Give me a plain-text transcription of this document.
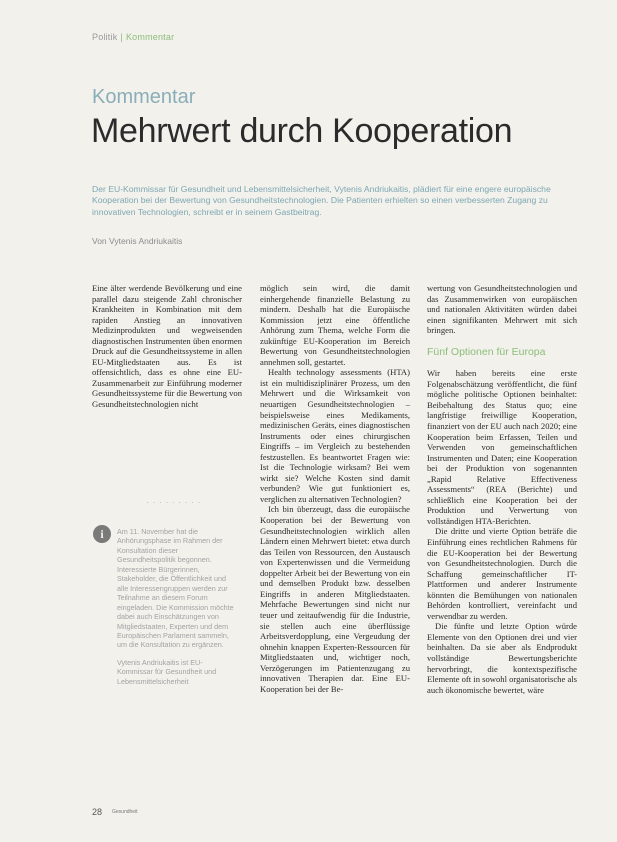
Politik | Kommentar
Kommentar
Mehrwert durch Kooperation
Der EU-Kommissar für Gesundheit und Lebensmittelsicherheit, Vytenis Andriukaitis, plädiert für eine engere europäische Kooperation bei der Bewertung von Gesundheitstechnologien. Die Patienten erhielten so einen verbesserten Zugang zu innovativen Technologien, schreibt er in seinem Gastbeitrag.
Von Vytenis Andriukaitis

Eine älter werdende Bevölkerung und eine parallel dazu steigende Zahl chronischer Krankheiten in Kombination mit dem rapiden Anstieg an innovativen Medizinprodukten und wegweisenden diagnostischen Instrumenten üben enormen Druck auf die Gesundheitssysteme in allen EU-Mitgliedstaaten aus. Es ist offensichtlich, dass es ohne eine EU-Zusammenarbeit zur Einführung moderner Gesundheitssysteme für die Bewertung von Gesundheitstechnologien nicht

• • • • • • • • •
i	Am 11. November hat die Anhörungsphase im Rahmen der Konsultation dieser Gesundheitspolitik begonnen. Interessierte Bürgerinnen, Stakeholder, die Öffentlichkeit und alle Interessengruppen werden zur Teilnahme an diesem Forum eingeladen. Die Kommission möchte dabei auch Einschätzungen von Mitgliedstaaten, Experten und dem Europäischen Parlament sammeln, um die Konsultation zu ergänzen.

Vytenis Andriukaitis ist EU-Kommissar für Gesundheit und Lebensmittelsicherheit

möglich sein wird, die damit einhergehende finanzielle Belastung zu mindern. Deshalb hat die Europäische Kommission jetzt eine öffentliche Anhörung zum Thema, welche Form die zukünftige EU-Kooperation im Bereich Bewertung von Gesundheitstechnologien annehmen soll, gestartet.

Health technology assessments (HTA) ist ein multidisziplinärer Prozess, um den Mehrwert und die Wirksamkeit von neuartigen Gesundheitstechnologien – beispielsweise eines Medikaments, medizinischen Geräts, eines diagnostischen Instruments oder eines chirurgischen Eingriffs – im Vergleich zu bestehenden festzustellen. Es beantwortet Fragen wie: Ist die Technologie wirksam? Bei wem wirkt sie? Welche Kosten sind damit verbunden? Wie gut funktioniert es, verglichen zu alternativen Technologien?

Ich bin überzeugt, dass die europäische Kooperation bei der Bewertung von Gesundheitstechnologien wirklich allen Ländern einen Mehrwert bietet: etwa durch das Teilen von Ressourcen, den Austausch von Expertenwissen und die Vermeidung doppelter Arbeit bei der Bewertung von ein und demselben Produkt bzw. desselben Eingriffs in anderen Mitgliedstaaten. Mehrfache Bewertungen sind nicht nur teuer und zeitaufwendig für die Industrie, sie stellen auch eine überflüssige Arbeitsverdopplung, eine Vergeudung der ohnehin knappen Experten-Ressourcen für Mitgliedstaaten und, wichtiger noch, Verzögerungen im Patientenzugang zu innovativen Therapien dar. Eine EU-Kooperation bei der Be-

wertung von Gesundheitstechnologien und das Zusammenwirken von europäischen und nationalen Aktivitäten würden dabei einen signifikanten Mehrwert mit sich bringen.

Fünf Optionen für Europa

Wir haben bereits eine erste Folgenabschätzung veröffentlicht, die fünf mögliche politische Optionen beinhaltet: Beibehaltung des Status quo; eine langfristige freiwillige Kooperation, finanziert von der EU auch nach 2020; eine Kooperation beim Erfassen, Teilen und Verwenden von gemeinschaftlichen Instrumenten und Daten; eine Kooperation bei der Produktion von sogenannten „Rapid Relative Effectiveness Assessments“ (REA (Berichte) und schließlich eine Kooperation bei der Produktion und Verwertung von vollständigen HTA-Berichten.

Die dritte und vierte Option beträfe die Einführung eines rechtlichen Rahmens für die EU-Kooperation bei der Bewertung von Gesundheitstechnologien. Durch die Schaffung gemeinschaftlicher IT-Plattformen und anderer Instrumente könnten die Bemühungen von nationalen Behörden kontrolliert, vereinfacht und verwendbar zu werden.

Die fünfte und letzte Option würde Elemente von den Optionen drei und vier beinhalten. Da sie aber als Endprodukt vollständige Bewertungsberichte hervorbringt, die kontextspezifische Elemente oft in sowohl organisatorische als auch ökonomische bewertet, wäre

28 Gesundheit
